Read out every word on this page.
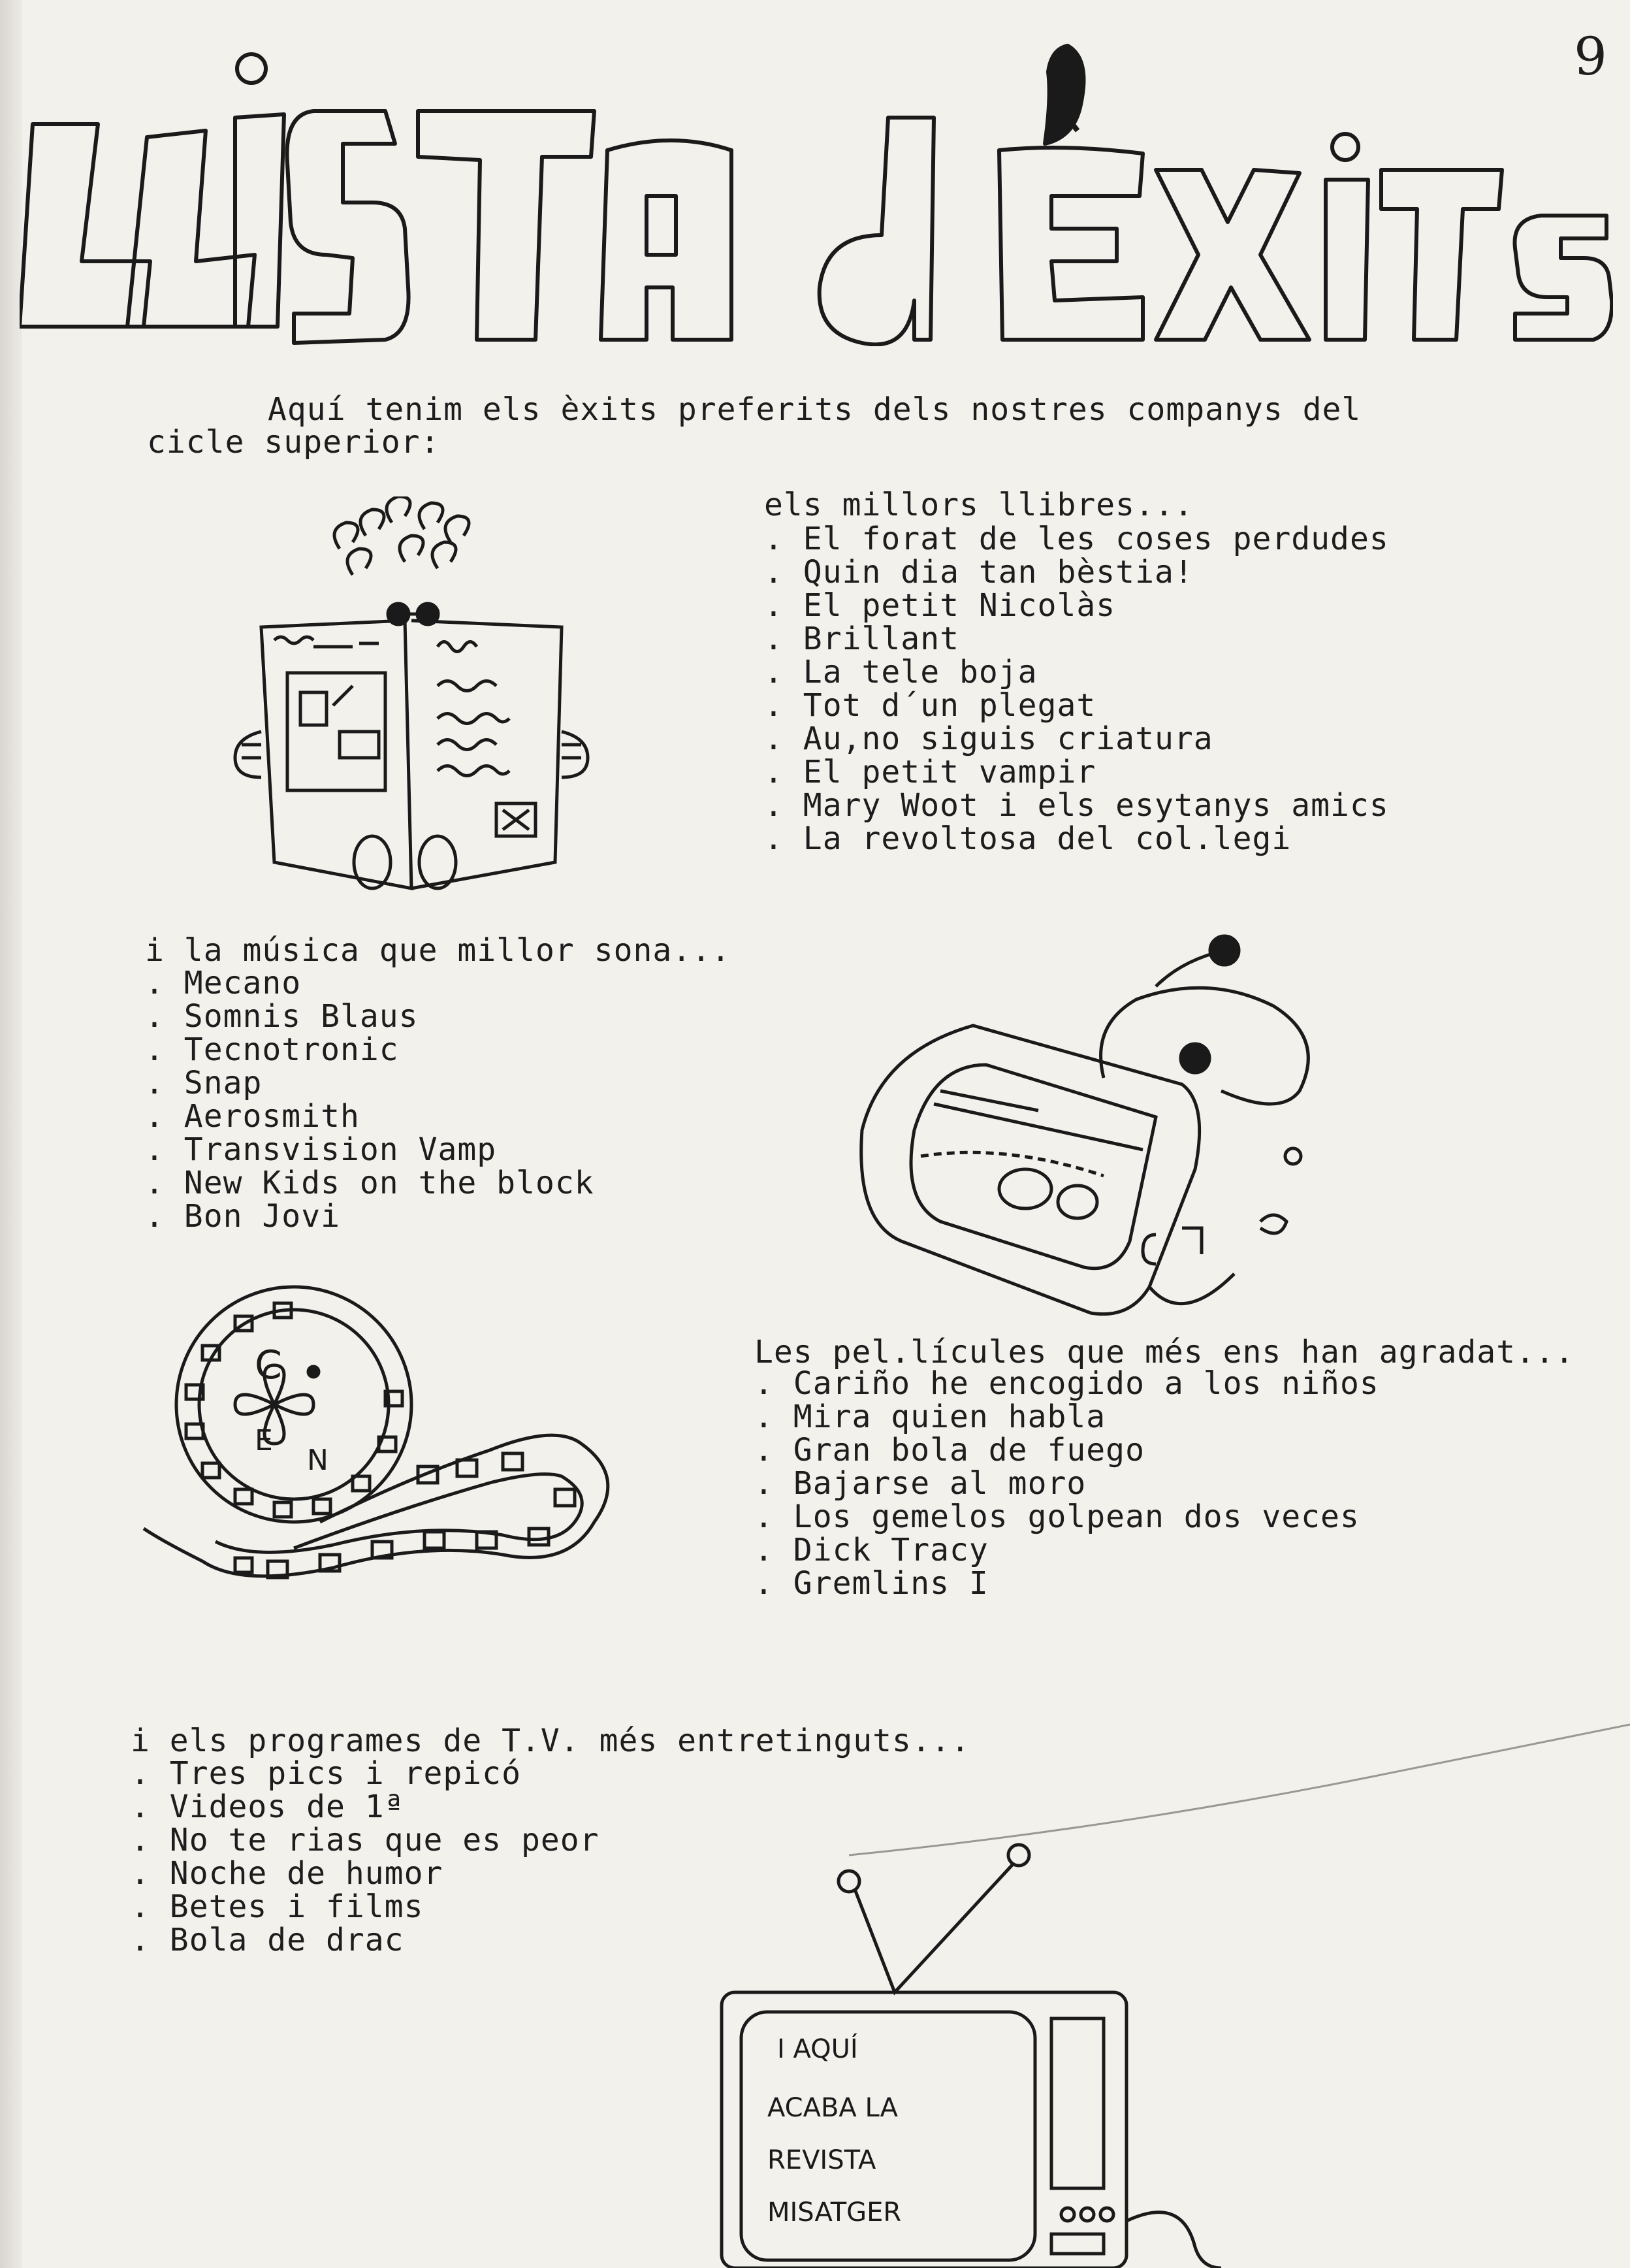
9
Aquí tenim els èxits preferits dels nostres companys del
cicle superior:
els millors llibres...
. El forat de les coses perdudes
. Quin dia tan bèstia!
. El petit Nicolàs
. Brillant
. La tele boja
. Tot d´un plegat
. Au,no siguis criatura
. El petit vampir
. Mary Woot i els esytanys amics
. La revoltosa del col.legi
i la música que millor sona...
. Mecano
. Somnis Blaus
. Tecnotronic
. Snap
. Aerosmith
. Transvision Vamp
. New Kids on the block
. Bon Jovi
C
E
N
Les pel.lícules que més ens han agradat...
. Cariño he encogido a los niños
. Mira quien habla
. Gran bola de fuego
. Bajarse al moro
. Los gemelos golpean dos veces
. Dick Tracy
. Gremlins I
i els programes de T.V. més entretinguts...
. Tres pics i repicó
. Videos de 1ª
. No te rias que es peor
. Noche de humor
. Betes i films
. Bola de drac
I AQUÍ
ACABA LA
REVISTA
MISATGER
